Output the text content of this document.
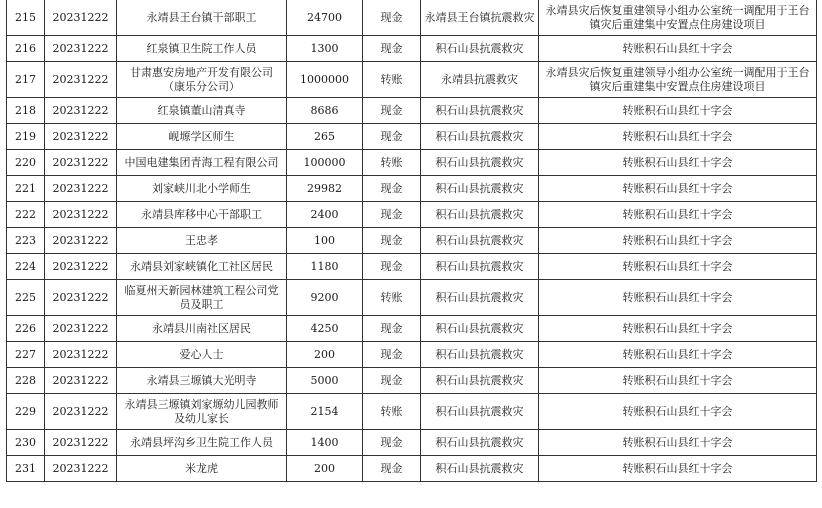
215	20231222	永靖县王台镇干部职工	24700	现金	永靖县王台镇抗震救灾	永靖县灾后恢复重建领导小组办公室统一调配用于王台镇灾后重建集中安置点住房建设项目
216	20231222	红泉镇卫生院工作人员	1300	现金	积石山县抗震救灾	转账积石山县红十字会
217	20231222	甘肃惠安房地产开发有限公司（康乐分公司）	1000000	转账	永靖县抗震救灾	永靖县灾后恢复重建领导小组办公室统一调配用于王台镇灾后重建集中安置点住房建设项目
218	20231222	红泉镇董山清真寺	8686	现金	积石山县抗震救灾	转账积石山县红十字会
219	20231222	岘塬学区师生	265	现金	积石山县抗震救灾	转账积石山县红十字会
220	20231222	中国电建集团青海工程有限公司	100000	转账	积石山县抗震救灾	转账积石山县红十字会
221	20231222	刘家峡川北小学师生	29982	现金	积石山县抗震救灾	转账积石山县红十字会
222	20231222	永靖县库移中心干部职工	2400	现金	积石山县抗震救灾	转账积石山县红十字会
223	20231222	王忠孝	100	现金	积石山县抗震救灾	转账积石山县红十字会
224	20231222	永靖县刘家峡镇化工社区居民	1180	现金	积石山县抗震救灾	转账积石山县红十字会
225	20231222	临夏州天新园林建筑工程公司党员及职工	9200	转账	积石山县抗震救灾	转账积石山县红十字会
226	20231222	永靖县川南社区居民	4250	现金	积石山县抗震救灾	转账积石山县红十字会
227	20231222	爱心人士	200	现金	积石山县抗震救灾	转账积石山县红十字会
228	20231222	永靖县三塬镇大光明寺	5000	现金	积石山县抗震救灾	转账积石山县红十字会
229	20231222	永靖县三塬镇刘家塬幼儿园教师及幼儿家长	2154	转账	积石山县抗震救灾	转账积石山县红十字会
230	20231222	永靖县坪沟乡卫生院工作人员	1400	现金	积石山县抗震救灾	转账积石山县红十字会
231	20231222	米龙虎	200	现金	积石山县抗震救灾	转账积石山县红十字会
